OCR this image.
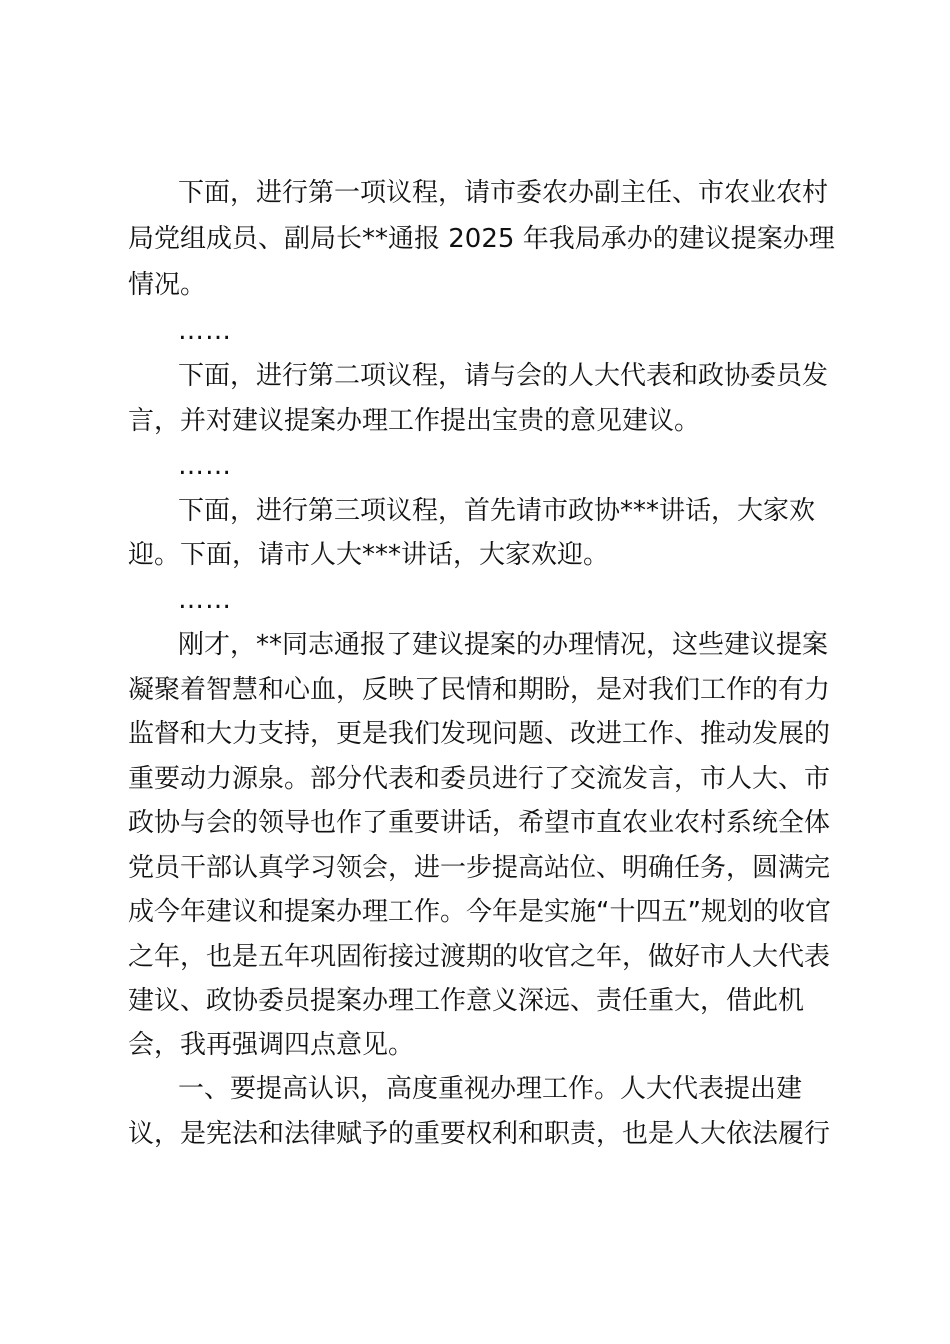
下面，进行第一项议程，请市委农办副主任、市农业农村
局党组成员、副局长**通报 2025 年我局承办的建议提案办理
情况。
……
下面，进行第二项议程，请与会的人大代表和政协委员发
言，并对建议提案办理工作提出宝贵的意见建议。
……
下面，进行第三项议程，首先请市政协***讲话，大家欢
迎。下面，请市人大***讲话，大家欢迎。
……
刚才，**同志通报了建议提案的办理情况，这些建议提案
凝聚着智慧和心血，反映了民情和期盼，是对我们工作的有力
监督和大力支持，更是我们发现问题、改进工作、推动发展的
重要动力源泉。部分代表和委员进行了交流发言，市人大、市
政协与会的领导也作了重要讲话，希望市直农业农村系统全体
党员干部认真学习领会，进一步提高站位、明确任务，圆满完
成今年建议和提案办理工作。今年是实施“十四五”规划的收官
之年，也是五年巩固衔接过渡期的收官之年，做好市人大代表
建议、政协委员提案办理工作意义深远、责任重大，借此机
会，我再强调四点意见。
一、要提高认识，高度重视办理工作。人大代表提出建
议，是宪法和法律赋予的重要权利和职责，也是人大依法履行
